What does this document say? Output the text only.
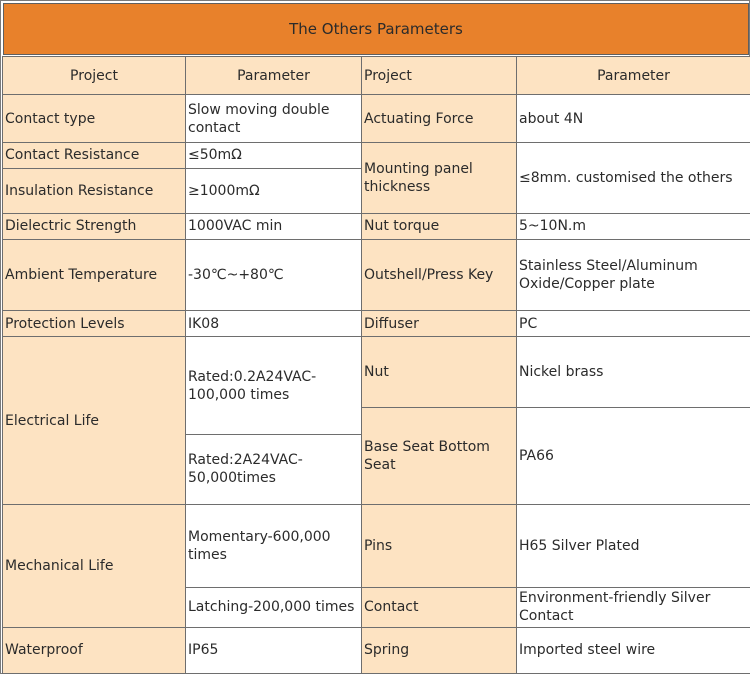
The Others Parameters
Project	Parameter	Project	Parameter
Contact type	Slow moving double contact	Actuating Force	about 4N
Contact Resistance	≤50mΩ	Mounting panel thickness	≤8mm. customised the others
Insulation Resistance	≥1000mΩ		
Dielectric Strength	1000VAC min	Nut torque	5~10N.m
Ambient Temperature	-30℃~+80℃	Outshell/Press Key	Stainless Steel/Aluminum Oxide/Copper plate
Protection Levels	IK08	Diffuser	PC
Electrical Life	Rated:0.2A24VAC-100,000 times	Nut	Nickel brass
		Base Seat Bottom Seat	PA66
	Rated:2A24VAC-50,000times		
Mechanical Life	Momentary-600,000 times	Pins	H65 Silver Plated
	Latching-200,000 times	Contact	Environment-friendly Silver Contact
Waterproof	IP65	Spring	Imported steel wire
